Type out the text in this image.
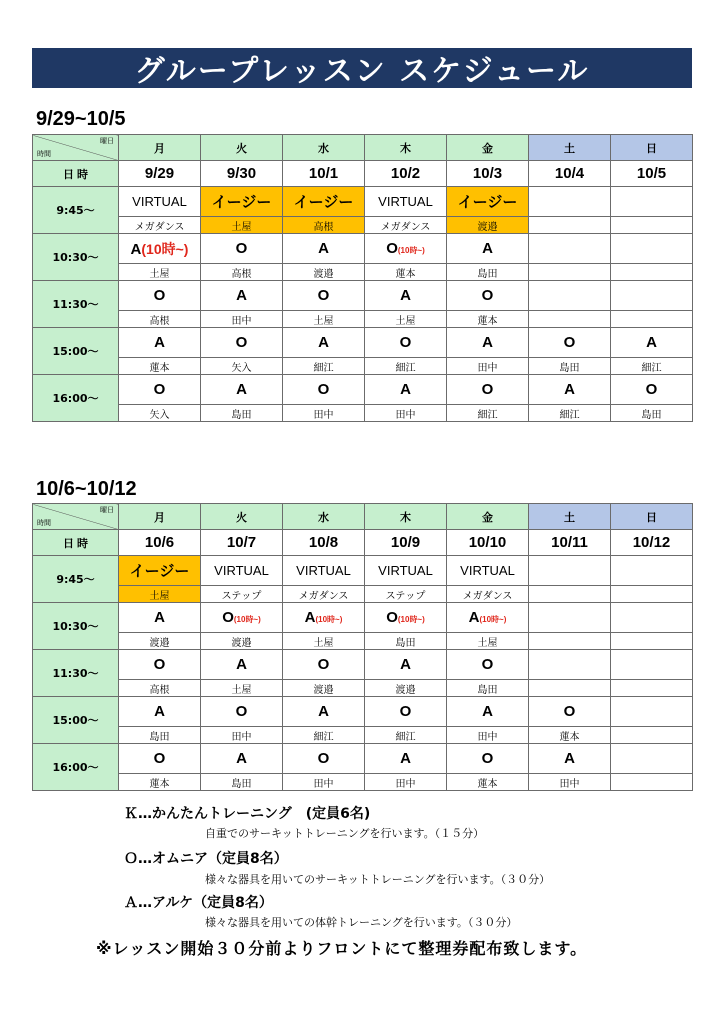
グループレッスン スケジュール
9/29~10/5
曜日
時間	月	火	水	木	金	土	日
日 時	9/29	9/30	10/1	10/2	10/3	10/4	10/5
9:45～	VIRTUAL	イージー	イージー	VIRTUAL	イージー		
	メガダンス	土屋	高根	メガダンス	渡邉		
10:30～	A(10時~)	O	A	O(10時~)	A		
	土屋	高根	渡邉	蓮本	島田		
11:30～	O	A	O	A	O		
	高根	田中	土屋	土屋	蓮本		
15:00～	A	O	A	O	A	O	A
	蓮本	矢入	細江	細江	田中	島田	細江
16:00～	O	A	O	A	O	A	O
	矢入	島田	田中	田中	細江	細江	島田
10/6~10/12
曜日
時間	月	火	水	木	金	土	日
日 時	10/6	10/7	10/8	10/9	10/10	10/11	10/12
9:45～	イージー	VIRTUAL	VIRTUAL	VIRTUAL	VIRTUAL		
	土屋	ステップ	メガダンス	ステップ	メガダンス		
10:30～	A	O(10時~)	A(10時~)	O(10時~)	A(10時~)		
	渡邉	渡邉	土屋	島田	土屋		
11:30～	O	A	O	A	O		
	高根	土屋	渡邉	渡邉	島田		
15:00～	A	O	A	O	A	O	
	島田	田中	細江	細江	田中	蓮本	
16:00～	O	A	O	A	O	A	
	蓮本	島田	田中	田中	蓮本	田中	
Ｋ…かんたんトレーニング　(定員6名)
自重でのサーキットトレーニングを行います。（１５分）
Ｏ…オムニア（定員8名）
様々な器具を用いてのサーキットトレーニングを行います。（３０分）
Ａ…アルケ（定員8名）
様々な器具を用いての体幹トレーニングを行います。（３０分）
※レッスン開始３０分前よりフロントにて整理券配布致します。
